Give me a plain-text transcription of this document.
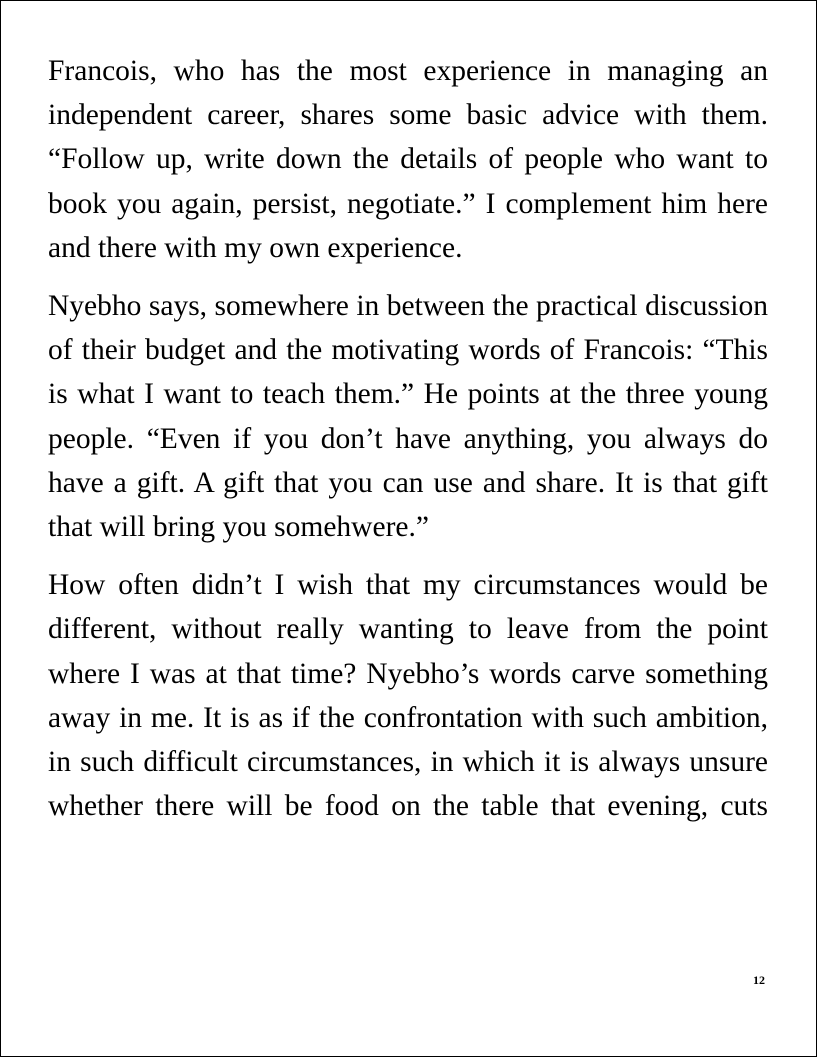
Francois, who has the most experience in managing an independent career, shares some basic advice with them. “Follow up, write down the details of people who want to book you again, persist, negotiate.” I complement him here and there with my own experience.

Nyebho says, somewhere in between the practical discussion of their budget and the motivating words of Francois: “This is what I want to teach them.” He points at the three young people. “Even if you don’t have anything, you always do have a gift. A gift that you can use and share. It is that gift that will bring you somehwere.”

How often didn’t I wish that my circumstances would be different, without really wanting to leave from the point where I was at that time? Nyebho’s words carve something away in me. It is as if the confrontation with such ambition, in such difficult circumstances, in which it is always unsure whether there will be food on the table that evening, cuts

12
